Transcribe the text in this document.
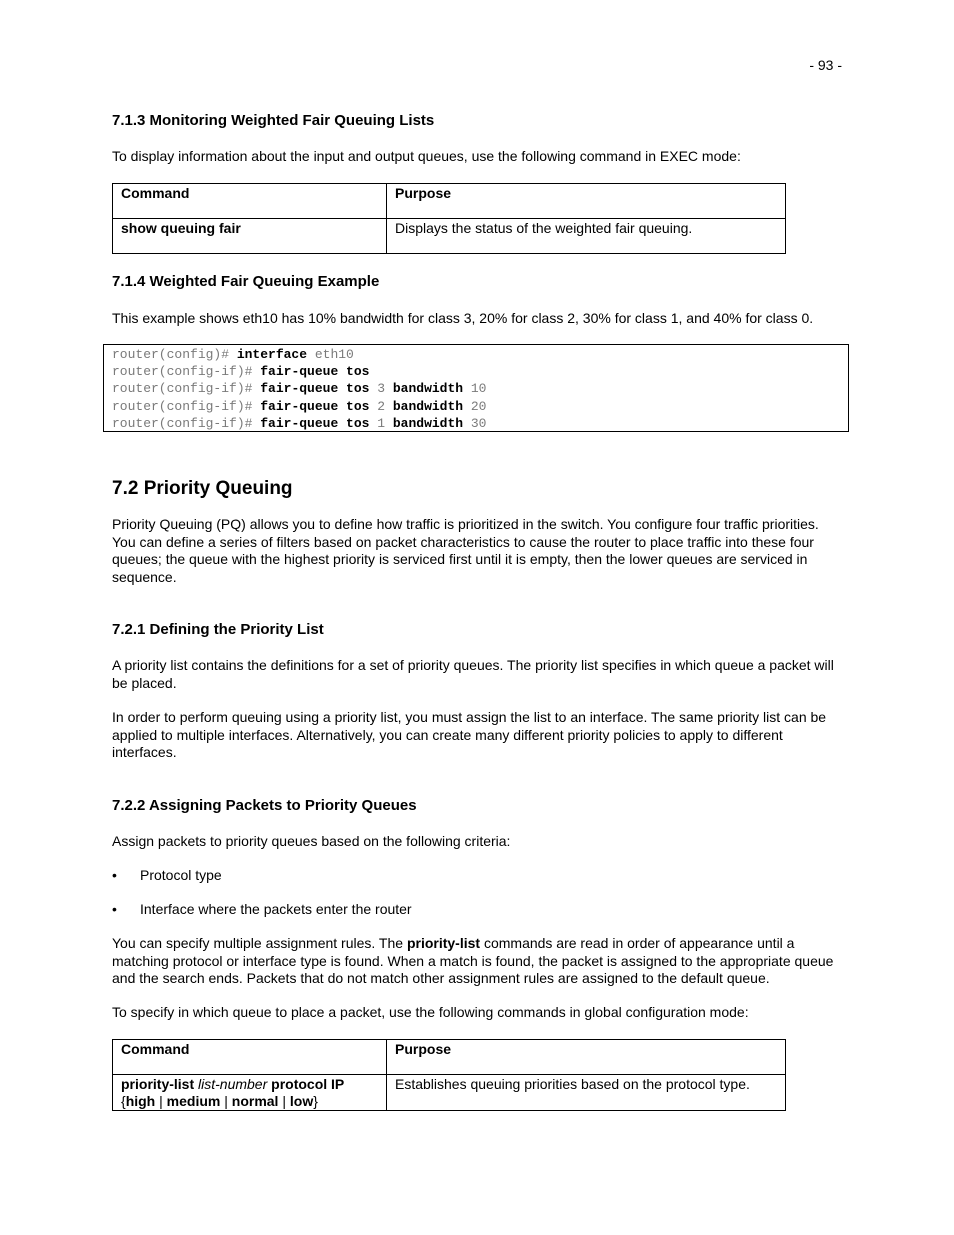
- 93 -
7.1.3 Monitoring Weighted Fair Queuing Lists
To display information about the input and output queues, use the following command in EXEC mode:
Command	Purpose

show queuing fair	Displays the status of the weighted fair queuing.
7.1.4 Weighted Fair Queuing Example
This example shows eth10 has 10% bandwidth for class 3, 20% for class 2, 30% for class 1, and 40% for class 0.
router(config)# interface eth10
router(config-if)# fair-queue tos
router(config-if)# fair-queue tos 3 bandwidth 10
router(config-if)# fair-queue tos 2 bandwidth 20
router(config-if)# fair-queue tos 1 bandwidth 30
7.2 Priority Queuing
Priority Queuing (PQ) allows you to define how traffic is prioritized in the switch. You configure four traffic priorities.
You can define a series of filters based on packet characteristics to cause the router to place traffic into these four
queues; the queue with the highest priority is serviced first until it is empty, then the lower queues are serviced in
sequence.
7.2.1 Defining the Priority List
A priority list contains the definitions for a set of priority queues. The priority list specifies in which queue a packet will
be placed.
In order to perform queuing using a priority list, you must assign the list to an interface. The same priority list can be
applied to multiple interfaces. Alternatively, you can create many different priority policies to apply to different
interfaces.
7.2.2 Assigning Packets to Priority Queues
Assign packets to priority queues based on the following criteria:
• Protocol type
• Interface where the packets enter the router
You can specify multiple assignment rules. The priority-list commands are read in order of appearance until a
matching protocol or interface type is found. When a match is found, the packet is assigned to the appropriate queue
and the search ends. Packets that do not match other assignment rules are assigned to the default queue.
To specify in which queue to place a packet, use the following commands in global configuration mode:
Command	Purpose

priority-list list-number protocol IP
{high | medium | normal | low}	Establishes queuing priorities based on the protocol type.
